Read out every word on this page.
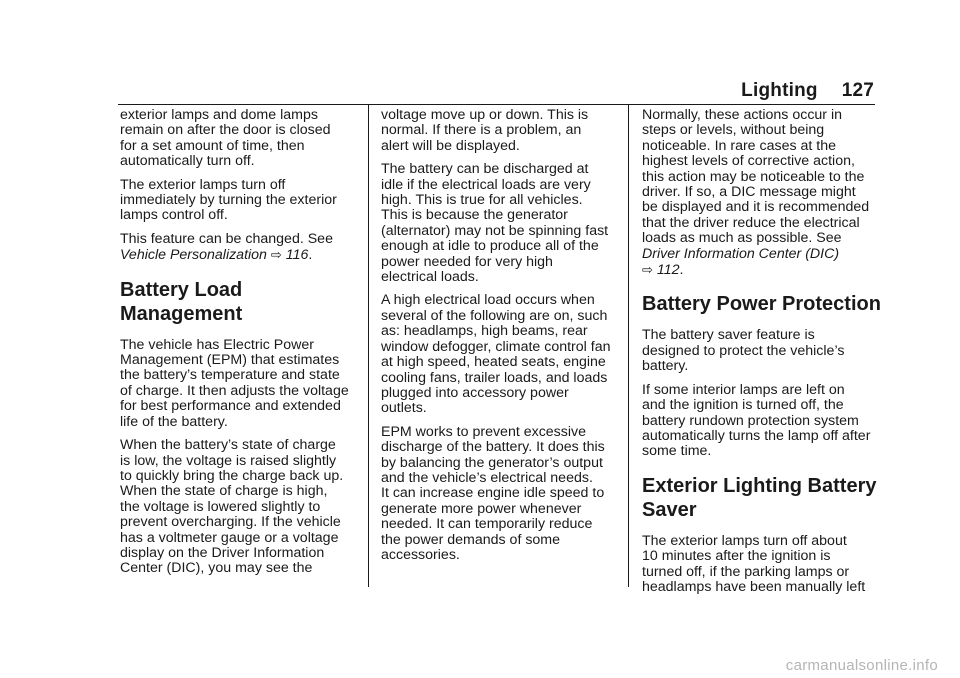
Lighting 127

exterior lamps and dome lamps
remain on after the door is closed
for a set amount of time, then
automatically turn off.

The exterior lamps turn off
immediately by turning the exterior
lamps control off.

This feature can be changed. See
Vehicle Personalization ⇨ 116.

Battery Load
Management

The vehicle has Electric Power
Management (EPM) that estimates
the battery’s temperature and state
of charge. It then adjusts the voltage
for best performance and extended
life of the battery.

When the battery’s state of charge
is low, the voltage is raised slightly
to quickly bring the charge back up.
When the state of charge is high,
the voltage is lowered slightly to
prevent overcharging. If the vehicle
has a voltmeter gauge or a voltage
display on the Driver Information
Center (DIC), you may see the

voltage move up or down. This is
normal. If there is a problem, an
alert will be displayed.

The battery can be discharged at
idle if the electrical loads are very
high. This is true for all vehicles.
This is because the generator
(alternator) may not be spinning fast
enough at idle to produce all of the
power needed for very high
electrical loads.

A high electrical load occurs when
several of the following are on, such
as: headlamps, high beams, rear
window defogger, climate control fan
at high speed, heated seats, engine
cooling fans, trailer loads, and loads
plugged into accessory power
outlets.

EPM works to prevent excessive
discharge of the battery. It does this
by balancing the generator’s output
and the vehicle’s electrical needs.
It can increase engine idle speed to
generate more power whenever
needed. It can temporarily reduce
the power demands of some
accessories.

Normally, these actions occur in
steps or levels, without being
noticeable. In rare cases at the
highest levels of corrective action,
this action may be noticeable to the
driver. If so, a DIC message might
be displayed and it is recommended
that the driver reduce the electrical
loads as much as possible. See
Driver Information Center (DIC)
⇨ 112.

Battery Power Protection

The battery saver feature is
designed to protect the vehicle’s
battery.

If some interior lamps are left on
and the ignition is turned off, the
battery rundown protection system
automatically turns the lamp off after
some time.

Exterior Lighting Battery
Saver

The exterior lamps turn off about
10 minutes after the ignition is
turned off, if the parking lamps or
headlamps have been manually left

carmanualsonline.info
